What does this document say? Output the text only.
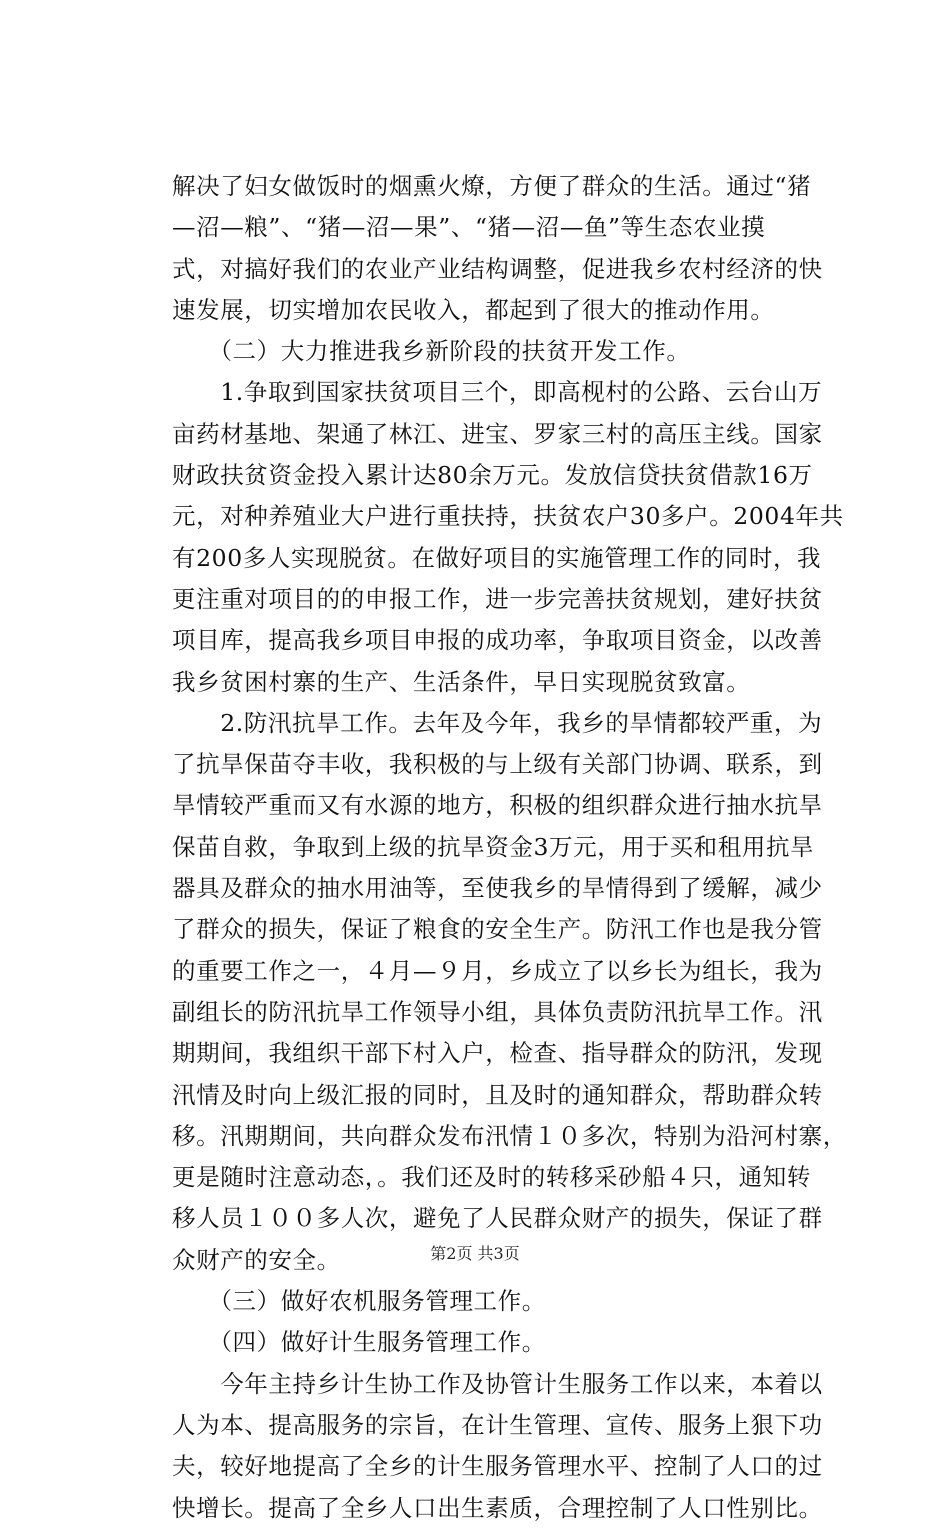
解决了妇女做饭时的烟熏火燎，方便了群众的生活。通过“猪
—沼—粮”、“猪—沼—果”、“猪—沼—鱼”等生态农业摸
式，对搞好我们的农业产业结构调整，促进我乡农村经济的快
速发展，切实增加农民收入，都起到了很大的推动作用。
　　（二）大力推进我乡新阶段的扶贫开发工作。
　　1.争取到国家扶贫项目三个，即高枧村的公路、云台山万
亩药材基地、架通了林江、进宝、罗家三村的高压主线。国家
财政扶贫资金投入累计达80余万元。发放信贷扶贫借款16万
元，对种养殖业大户进行重扶持，扶贫农户30多户。2004年共
有200多人实现脱贫。在做好项目的实施管理工作的同时，我
更注重对项目的的申报工作，进一步完善扶贫规划，建好扶贫
项目库，提高我乡项目申报的成功率，争取项目资金，以改善
我乡贫困村寨的生产、生活条件，早日实现脱贫致富。
　　2.防汛抗旱工作。去年及今年，我乡的旱情都较严重，为
了抗旱保苗夺丰收，我积极的与上级有关部门协调、联系，到
旱情较严重而又有水源的地方，积极的组织群众进行抽水抗旱
保苗自救，争取到上级的抗旱资金3万元，用于买和租用抗旱
器具及群众的抽水用油等，至使我乡的旱情得到了缓解，减少
了群众的损失，保证了粮食的安全生产。防汛工作也是我分管
的重要工作之一，４月—９月，乡成立了以乡长为组长，我为
副组长的防汛抗旱工作领导小组，具体负责防汛抗旱工作。汛
期期间，我组织干部下村入户，检查、指导群众的防汛，发现
汛情及时向上级汇报的同时，且及时的通知群众，帮助群众转
移。汛期期间，共向群众发布汛情１０多次，特别为沿河村寨，
更是随时注意动态，。我们还及时的转移采砂船４只，通知转
移人员１００多人次，避免了人民群众财产的损失，保证了群
众财产的安全。
　　（三）做好农机服务管理工作。
　　（四）做好计生服务管理工作。
　　今年主持乡计生协工作及协管计生服务工作以来，本着以
人为本、提高服务的宗旨，在计生管理、宣传、服务上狠下功
夫，较好地提高了全乡的计生服务管理水平、控制了人口的过
快增长。提高了全乡人口出生素质，合理控制了人口性别比。
第2页 共3页
